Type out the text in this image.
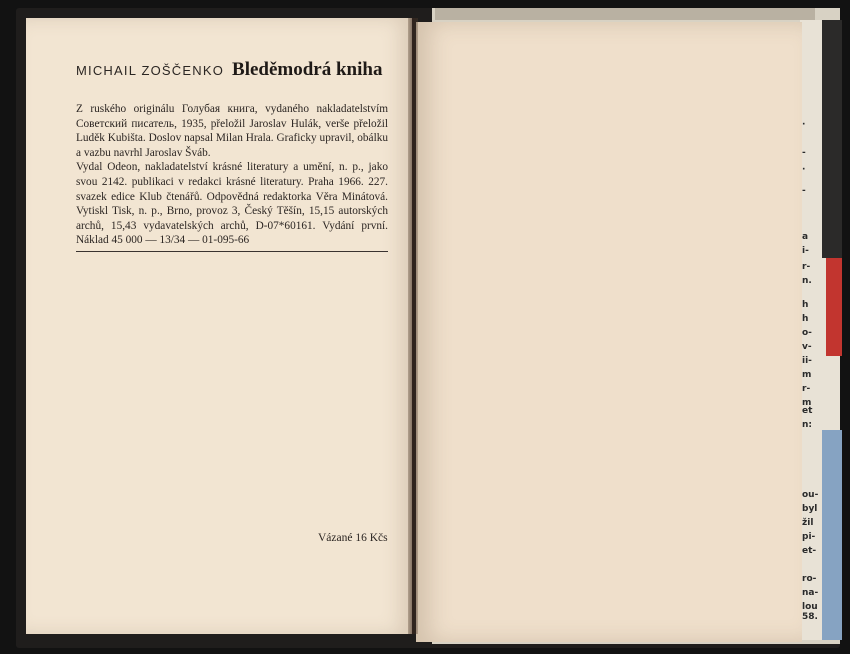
·
-
·
-
a
i-
r-
n.
h
h
o-
v-
ii-
m
r-
m
et
n:
ou-
byl
žil
pi-
et-
ro-
na-
lou
58.
MICHAIL ZOŠČENKO Bleděmodrá kniha

Z ruského originálu Голубая книга, vydaného nakladatelstvím Советский писатель, 1935, přeložil Jaroslav Hulák, verše přeložil Luděk Kubišta. Doslov napsal Milan Hrala. Graficky upravil, obálku a vazbu navrhl Jaroslav Šváb.

Vydal Odeon, nakladatelství krásné literatury a umění, n. p., jako svou 2142. publikaci v redakci krásné literatury. Praha 1966. 227. svazek edice Klub čtenářů. Odpovědná redaktorka Věra Minátová. Vytiskl Tisk, n. p., Brno, provoz 3, Český Těšín, 15,15 autorských archů, 15,43 vydavatelských archů, D-07*60161. Vydání první. Náklad 45 000 — 13/34 — 01-095-66

Vázané 16 Kčs
